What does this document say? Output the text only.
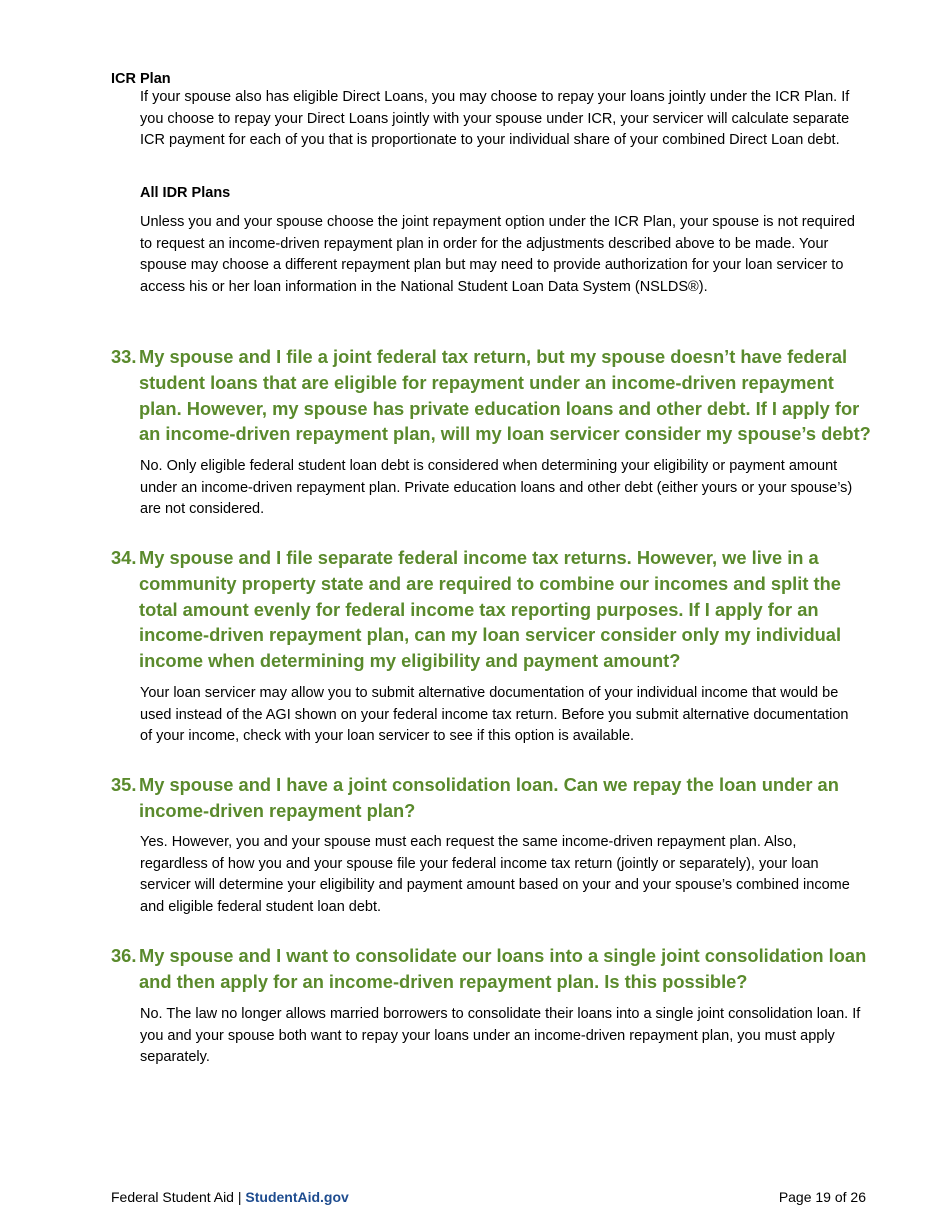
ICR Plan

If your spouse also has eligible Direct Loans, you may choose to repay your loans jointly under the ICR Plan. If you choose to repay your Direct Loans jointly with your spouse under ICR, your servicer will calculate separate ICR payment for each of you that is proportionate to your individual share of your combined Direct Loan debt.

All IDR Plans

Unless you and your spouse choose the joint repayment option under the ICR Plan, your spouse is not required to request an income-driven repayment plan in order for the adjustments described above to be made. Your spouse may choose a different repayment plan but may need to provide authorization for your loan servicer to access his or her loan information in the National Student Loan Data System (NSLDS®).

33. My spouse and I file a joint federal tax return, but my spouse doesn’t have federal student loans that are eligible for repayment under an income-driven repayment plan. However, my spouse has private education loans and other debt. If I apply for an income-driven repayment plan, will my loan servicer consider my spouse’s debt?

No. Only eligible federal student loan debt is considered when determining your eligibility or payment amount under an income-driven repayment plan. Private education loans and other debt (either yours or your spouse’s) are not considered.

34. My spouse and I file separate federal income tax returns. However, we live in a community property state and are required to combine our incomes and split the total amount evenly for federal income tax reporting purposes. If I apply for an income-driven repayment plan, can my loan servicer consider only my individual income when determining my eligibility and payment amount?

Your loan servicer may allow you to submit alternative documentation of your individual income that would be used instead of the AGI shown on your federal income tax return. Before you submit alternative documentation of your income, check with your loan servicer to see if this option is available.

35. My spouse and I have a joint consolidation loan. Can we repay the loan under an income-driven repayment plan?

Yes. However, you and your spouse must each request the same income-driven repayment plan. Also, regardless of how you and your spouse file your federal income tax return (jointly or separately), your loan servicer will determine your eligibility and payment amount based on your and your spouse’s combined income and eligible federal student loan debt.

36. My spouse and I want to consolidate our loans into a single joint consolidation loan and then apply for an income-driven repayment plan. Is this possible?

No. The law no longer allows married borrowers to consolidate their loans into a single joint consolidation loan. If you and your spouse both want to repay your loans under an income-driven repayment plan, you must apply separately.

Federal Student Aid | StudentAid.gov	Page 19 of 26
